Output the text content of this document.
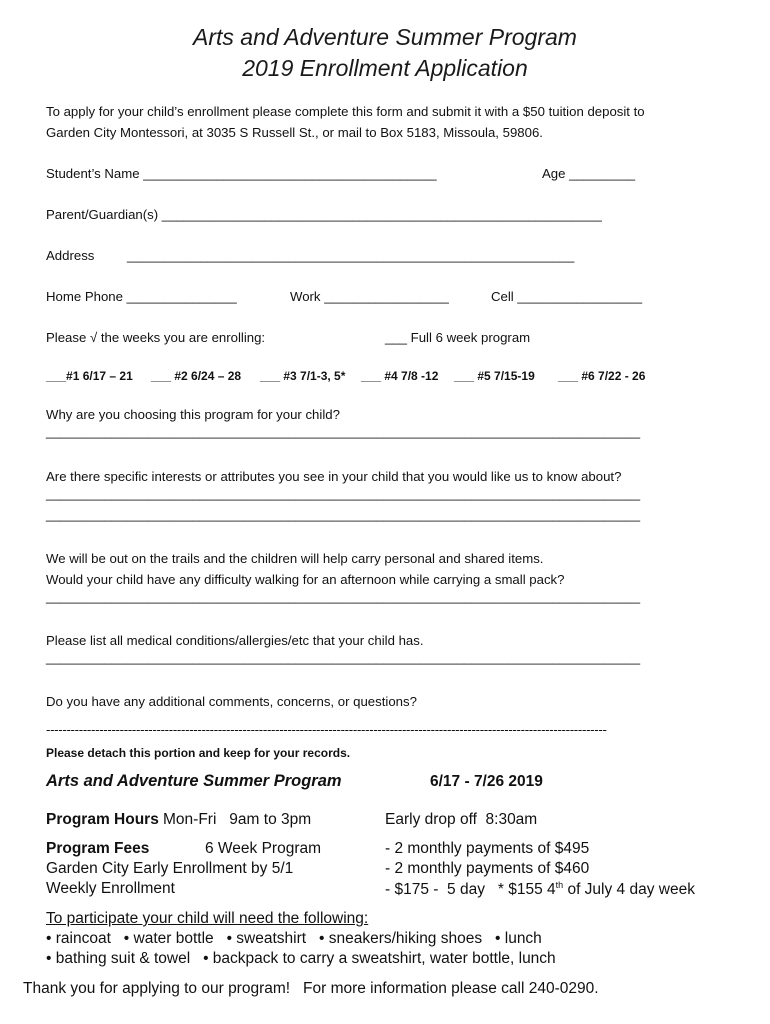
Arts and Adventure Summer Program
2019 Enrollment Application
To apply for your child’s enrollment please complete this form and submit it with a $50 tuition deposit to
Garden City Montessori, at 3035 S Russell St., or mail to Box 5183, Missoula, 59806.
Student’s Name ________________________________________	Age _________
Parent/Guardian(s) ____________________________________________________________
Address _____________________________________________________________
Home Phone _______________	Work _________________	Cell _________________
Please √ the weeks you are enrolling:	___ Full 6 week program
___#1 6/17 – 21 ___ #2 6/24 – 28 ___ #3 7/1-3, 5* ___ #4 7/8 -12 ___ #5 7/15-19 ___ #6 7/22 - 26
Why are you choosing this program for your child?
_________________________________________________________________________________
Are there specific interests or attributes you see in your child that you would like us to know about?
_________________________________________________________________________________
_________________________________________________________________________________
We will be out on the trails and the children will help carry personal and shared items.
Would your child have any difficulty walking for an afternoon while carrying a small pack?
_________________________________________________________________________________
Please list all medical conditions/allergies/etc that your child has.
_________________________________________________________________________________
Do you have any additional comments, concerns, or questions?
-----------------------------------------------------------------------------------------------------------------------------------------
Please detach this portion and keep for your records.
Arts and Adventure Summer Program	6/17 - 7/26 2019
Program Hours Mon-Fri   9am to 3pm	Early drop off  8:30am
Program Fees	6 Week Program	- 2 monthly payments of $495
Garden City Early Enrollment by 5/1	- 2 monthly payments of $460
Weekly Enrollment	- $175 -  5 day   * $155 4th of July 4 day week
To participate your child will need the following:
• raincoat   • water bottle   • sweatshirt   • sneakers/hiking shoes   • lunch
• bathing suit & towel   • backpack to carry a sweatshirt, water bottle, lunch
Thank you for applying to our program!   For more information please call 240-0290.
